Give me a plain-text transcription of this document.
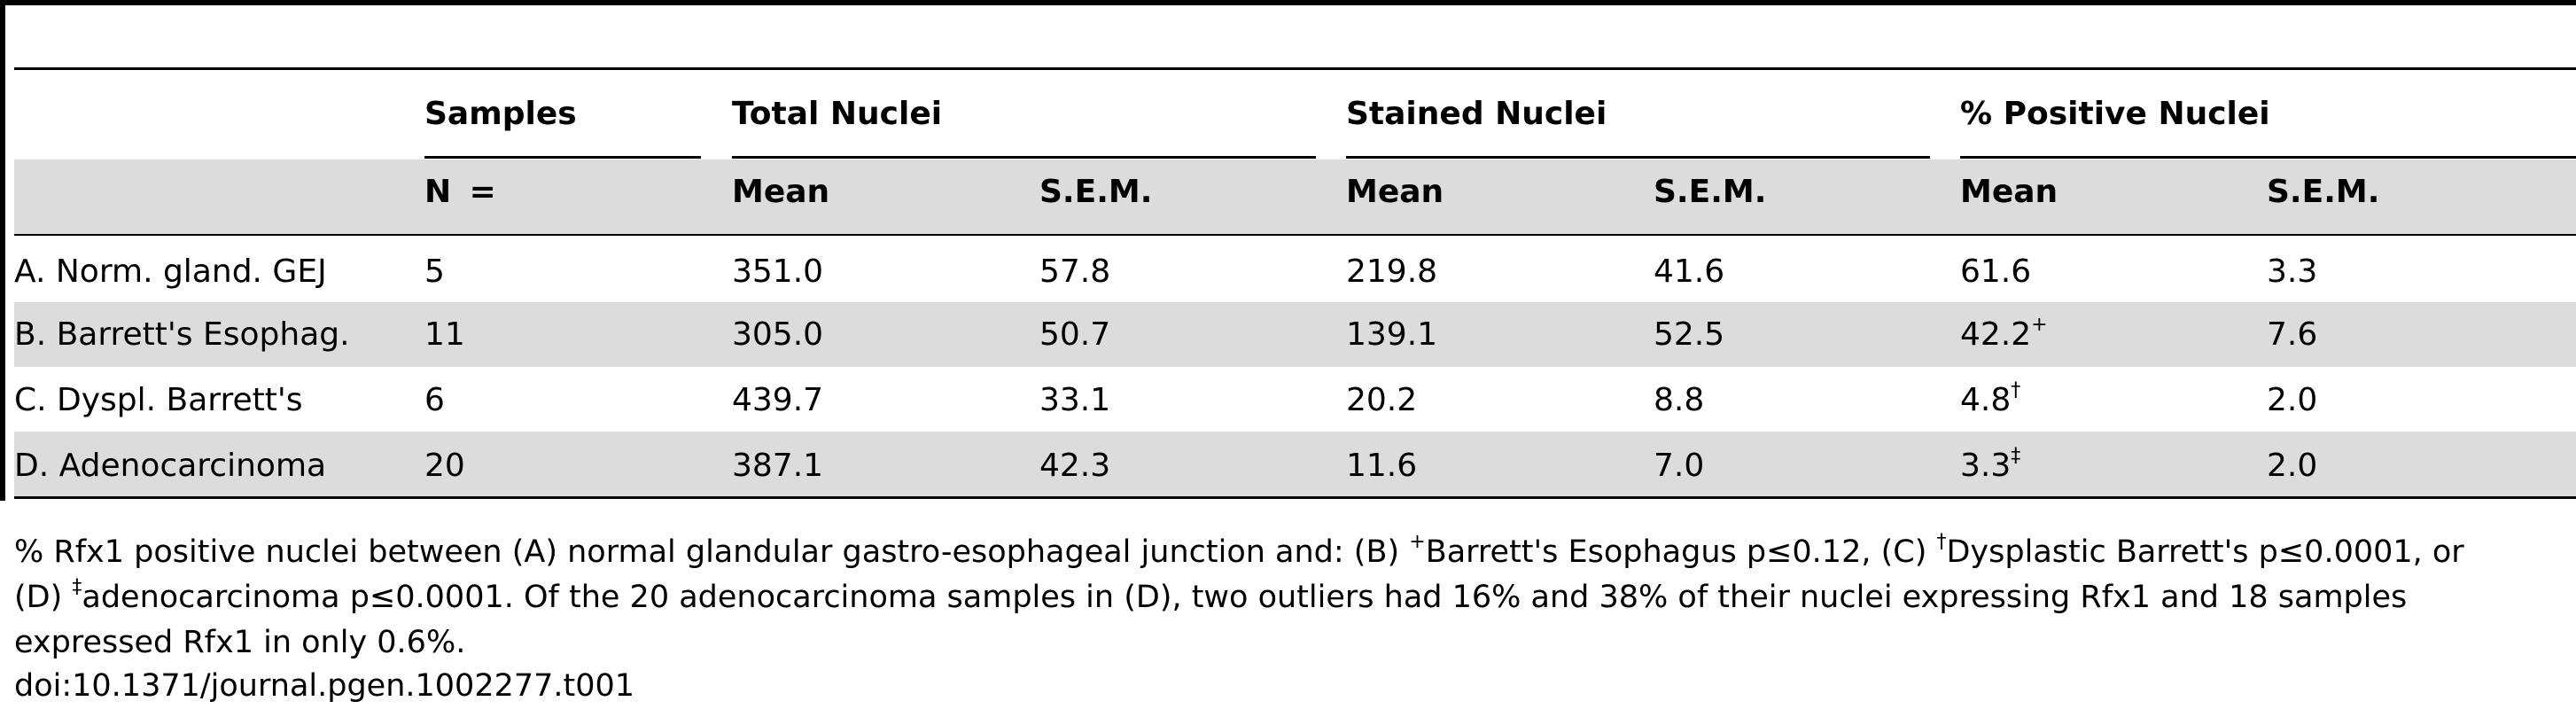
Samples	Total Nuclei	Stained Nuclei	% Positive Nuclei
N =	Mean	S.E.M.	Mean	S.E.M.	Mean	S.E.M.
A. Norm. gland. GEJ	5	351.0	57.8	219.8	41.6	61.6	3.3
B. Barrett's Esophag. 11	305.0	50.7	139.1	52.5	42.2+	7.6
C. Dyspl. Barrett's	6	439.7	33.1	20.2	8.8	4.8†	2.0
D. Adenocarcinoma	20	387.1	42.3	11.6	7.0	3.3‡	2.0
% Rfx1 positive nuclei between (A) normal glandular gastro-esophageal junction and: (B) +Barrett's Esophagus p≤0.12, (C) †Dysplastic Barrett's p≤0.0001, or
(D) ‡adenocarcinoma p≤0.0001. Of the 20 adenocarcinoma samples in (D), two outliers had 16% and 38% of their nuclei expressing Rfx1 and 18 samples
expressed Rfx1 in only 0.6%.
doi:10.1371/journal.pgen.1002277.t001
